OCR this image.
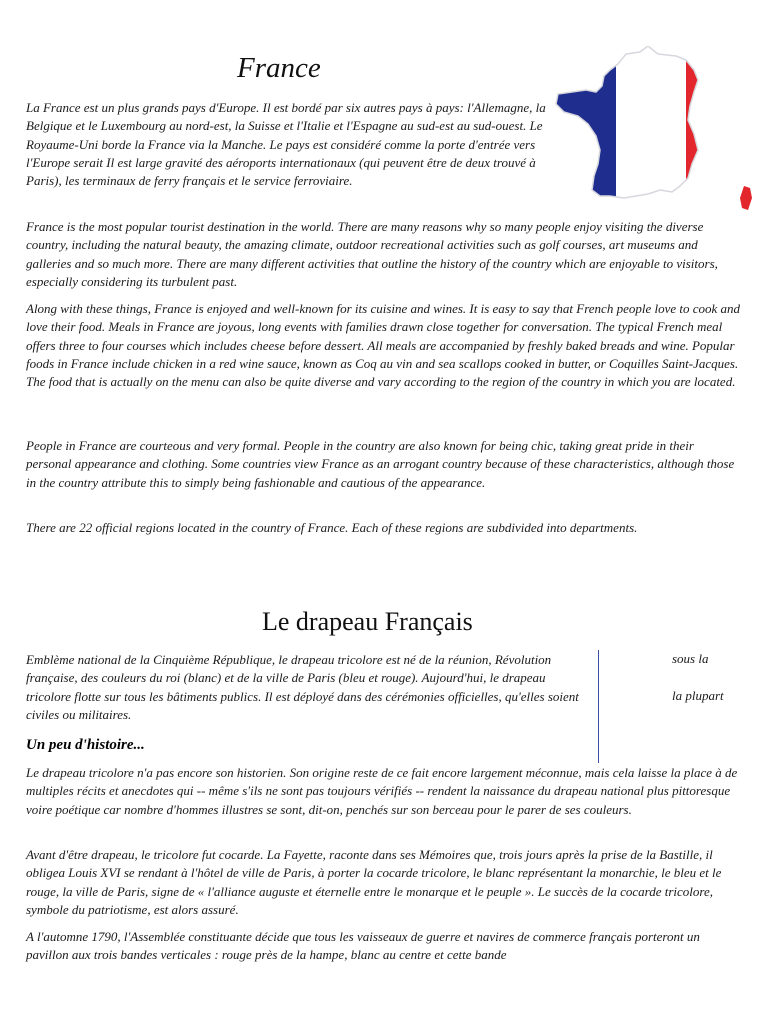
France

La France est un plus grands pays d'Europe. Il est bordé par six autres pays à pays: l'Allemagne, la Belgique et le Luxembourg au nord-est, la Suisse et l'Italie et l'Espagne au sud-est au sud-ouest. Le Royaume-Uni borde la France via la Manche. Le pays est considéré comme la porte d'entrée vers l'Europe serait Il est large gravité des aéroports internationaux (qui peuvent être de deux trouvé à Paris), les terminaux de ferry français et le service ferroviaire.

France is the most popular tourist destination in the world. There are many reasons why so many people enjoy visiting the diverse country, including the natural beauty, the amazing climate, outdoor recreational activities such as golf courses, art museums and galleries and so much more. There are many different activities that outline the history of the country which are enjoyable to visitors, especially considering its turbulent past.

Along with these things, France is enjoyed and well-known for its cuisine and wines. It is easy to say that French people love to cook and love their food. Meals in France are joyous, long events with families drawn close together for conversation. The typical French meal offers three to four courses which includes cheese before dessert. All meals are accompanied by freshly baked breads and wine. Popular foods in France include chicken in a red wine sauce, known as Coq au vin and sea scallops cooked in butter, or Coquilles Saint-Jacques. The food that is actually on the menu can also be quite diverse and vary according to the region of the country in which you are located.

People in France are courteous and very formal. People in the country are also known for being chic, taking great pride in their personal appearance and clothing. Some countries view France as an arrogant country because of these characteristics, although those in the country attribute this to simply being fashionable and cautious of the appearance.

There are 22 official regions located in the country of France. Each of these regions are subdivided into departments.

Le drapeau Français

Emblème national de la Cinquième République, le drapeau tricolore est né de la réunion, Révolution française, des couleurs du roi (blanc) et de la ville de Paris (bleu et rouge). Aujourd'hui, le drapeau tricolore flotte sur tous les bâtiments publics. Il est déployé dans des cérémonies officielles, qu'elles soient civiles ou militaires.

sous la
la plupart
Un peu d'histoire...

Le drapeau tricolore n'a pas encore son historien. Son origine reste de ce fait encore largement méconnue, mais cela laisse la place à de multiples récits et anecdotes qui -- même s'ils ne sont pas toujours vérifiés -- rendent la naissance du drapeau national plus pittoresque voire poétique car nombre d'hommes illustres se sont, dit-on, penchés sur son berceau pour le parer de ses couleurs.

Avant d'être drapeau, le tricolore fut cocarde. La Fayette, raconte dans ses Mémoires que, trois jours après la prise de la Bastille, il obligea Louis XVI se rendant à l'hôtel de ville de Paris, à porter la cocarde tricolore, le blanc représentant la monarchie, le bleu et le rouge, la ville de Paris, signe de « l'alliance auguste et éternelle entre le monarque et le peuple ». Le succès de la cocarde tricolore, symbole du patriotisme, est alors assuré.

A l'automne 1790, l'Assemblée constituante décide que tous les vaisseaux de guerre et navires de commerce français porteront un pavillon aux trois bandes verticales : rouge près de la hampe, blanc au centre et cette bande
